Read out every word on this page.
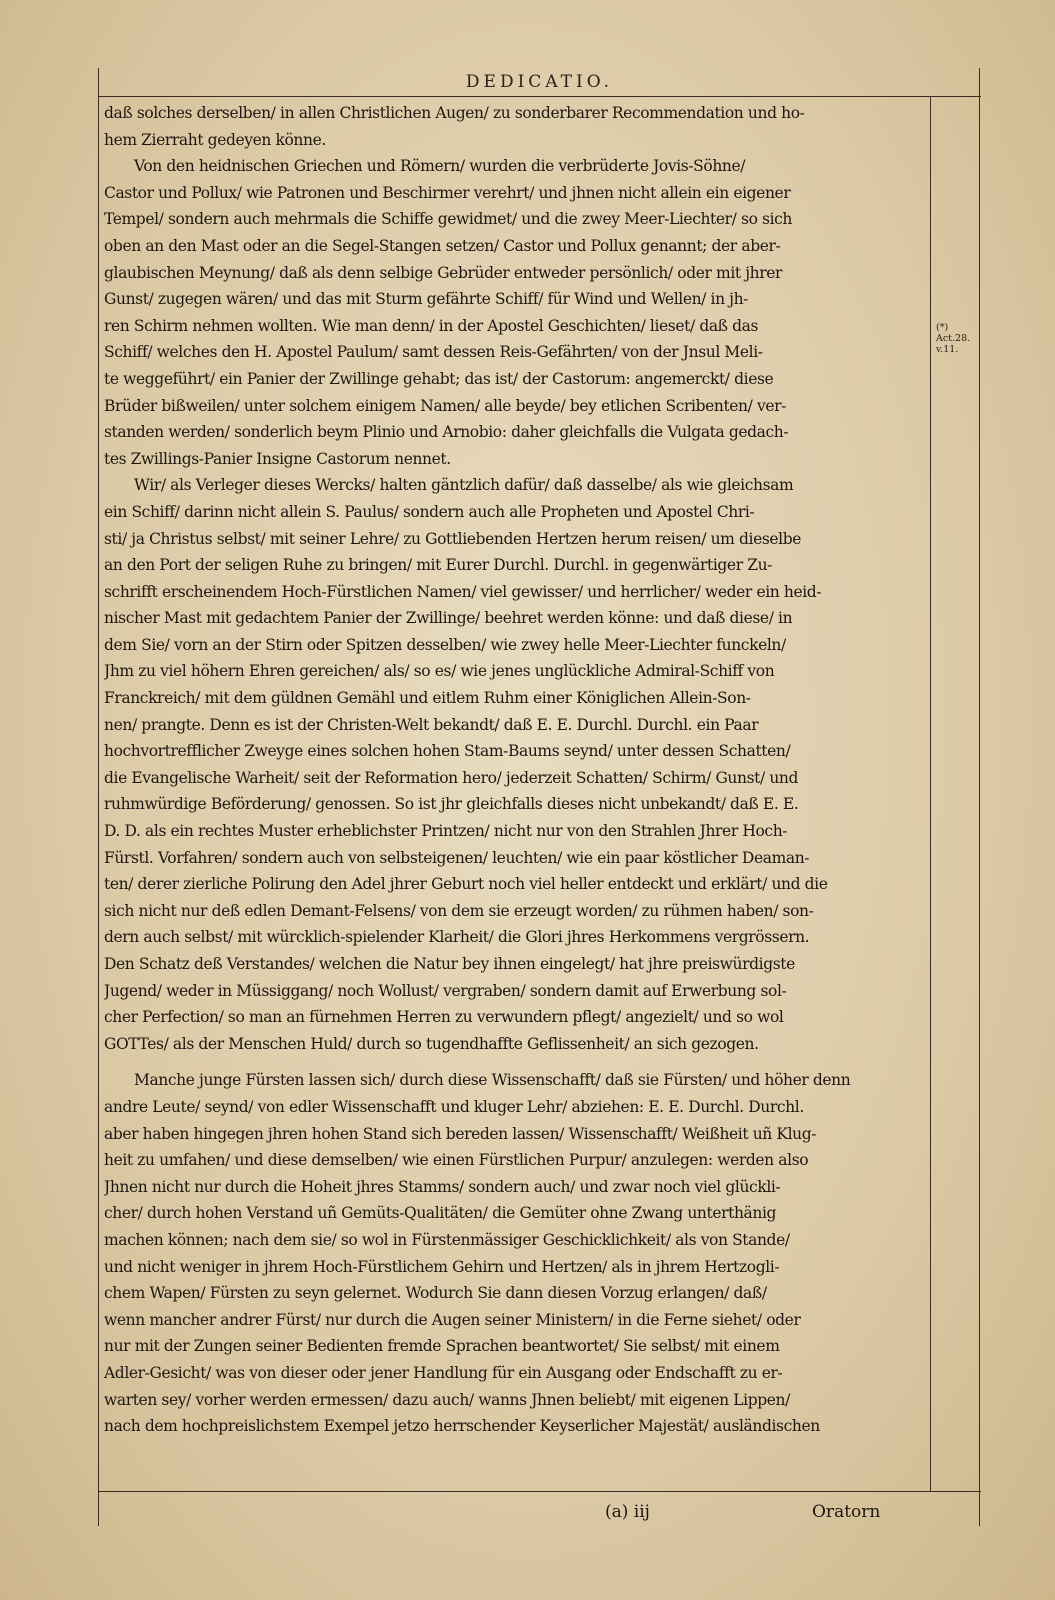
DEDICATIO.
daß solches derselben/ in allen Christlichen Augen/ zu sonderbarer Recommendation und ho-
hem Zierraht gedeyen könne.
Von den heidnischen Griechen und Römern/ wurden die verbrüderte Jovis-Söhne/
Castor und Pollux/ wie Patronen und Beschirmer verehrt/ und jhnen nicht allein ein eigener
Tempel/ sondern auch mehrmals die Schiffe gewidmet/ und die zwey Meer-Liechter/ so sich
oben an den Mast oder an die Segel-Stangen setzen/ Castor und Pollux genannt; der aber-
glaubischen Meynung/ daß als denn selbige Gebrüder entweder persönlich/ oder mit jhrer
Gunst/ zugegen wären/ und das mit Sturm gefährte Schiff/ für Wind und Wellen/ in jh-
ren Schirm nehmen wollten. Wie man denn/ in der Apostel Geschichten/ lieset/ daß das
Schiff/ welches den H. Apostel Paulum/ samt dessen Reis-Gefährten/ von der Jnsul Meli-
te weggeführt/ ein Panier der Zwillinge gehabt; das ist/ der Castorum: angemerckt/ diese
Brüder bißweilen/ unter solchem einigem Namen/ alle beyde/ bey etlichen Scribenten/ ver-
standen werden/ sonderlich beym Plinio und Arnobio: daher gleichfalls die Vulgata gedach-
tes Zwillings-Panier Insigne Castorum nennet.
Wir/ als Verleger dieses Wercks/ halten gäntzlich dafür/ daß dasselbe/ als wie gleichsam
ein Schiff/ darinn nicht allein S. Paulus/ sondern auch alle Propheten und Apostel Chri-
sti/ ja Christus selbst/ mit seiner Lehre/ zu Gottliebenden Hertzen herum reisen/ um dieselbe
an den Port der seligen Ruhe zu bringen/ mit Eurer Durchl. Durchl. in gegenwärtiger Zu-
schrifft erscheinendem Hoch-Fürstlichen Namen/ viel gewisser/ und herrlicher/ weder ein heid-
nischer Mast mit gedachtem Panier der Zwillinge/ beehret werden könne: und daß diese/ in
dem Sie/ vorn an der Stirn oder Spitzen desselben/ wie zwey helle Meer-Liechter funckeln/
Jhm zu viel höhern Ehren gereichen/ als/ so es/ wie jenes unglückliche Admiral-Schiff von
Franckreich/ mit dem güldnen Gemähl und eitlem Ruhm einer Königlichen Allein-Son-
nen/ prangte. Denn es ist der Christen-Welt bekandt/ daß E. E. Durchl. Durchl. ein Paar
hochvortrefflicher Zweyge eines solchen hohen Stam-Baums seynd/ unter dessen Schatten/
die Evangelische Warheit/ seit der Reformation hero/ jederzeit Schatten/ Schirm/ Gunst/ und
ruhmwürdige Beförderung/ genossen. So ist jhr gleichfalls dieses nicht unbekandt/ daß E. E.
D. D. als ein rechtes Muster erheblichster Printzen/ nicht nur von den Strahlen Jhrer Hoch-
Fürstl. Vorfahren/ sondern auch von selbsteigenen/ leuchten/ wie ein paar köstlicher Deaman-
ten/ derer zierliche Polirung den Adel jhrer Geburt noch viel heller entdeckt und erklärt/ und die
sich nicht nur deß edlen Demant-Felsens/ von dem sie erzeugt worden/ zu rühmen haben/ son-
dern auch selbst/ mit würcklich-spielender Klarheit/ die Glori jhres Herkommens vergrössern.
Den Schatz deß Verstandes/ welchen die Natur bey ihnen eingelegt/ hat jhre preiswürdigste
Jugend/ weder in Müssiggang/ noch Wollust/ vergraben/ sondern damit auf Erwerbung sol-
cher Perfection/ so man an fürnehmen Herren zu verwundern pflegt/ angezielt/ und so wol
GOTTes/ als der Menschen Huld/ durch so tugendhaffte Geflissenheit/ an sich gezogen.
Manche junge Fürsten lassen sich/ durch diese Wissenschafft/ daß sie Fürsten/ und höher denn
andre Leute/ seynd/ von edler Wissenschafft und kluger Lehr/ abziehen: E. E. Durchl. Durchl.
aber haben hingegen jhren hohen Stand sich bereden lassen/ Wissenschafft/ Weißheit uñ Klug-
heit zu umfahen/ und diese demselben/ wie einen Fürstlichen Purpur/ anzulegen: werden also
Jhnen nicht nur durch die Hoheit jhres Stamms/ sondern auch/ und zwar noch viel glückli-
cher/ durch hohen Verstand uñ Gemüts-Qualitäten/ die Gemüter ohne Zwang unterthänig
machen können; nach dem sie/ so wol in Fürstenmässiger Geschicklichkeit/ als von Stande/
und nicht weniger in jhrem Hoch-Fürstlichem Gehirn und Hertzen/ als in jhrem Hertzogli-
chem Wapen/ Fürsten zu seyn gelernet. Wodurch Sie dann diesen Vorzug erlangen/ daß/
wenn mancher andrer Fürst/ nur durch die Augen seiner Ministern/ in die Ferne siehet/ oder
nur mit der Zungen seiner Bedienten fremde Sprachen beantwortet/ Sie selbst/ mit einem
Adler-Gesicht/ was von dieser oder jener Handlung für ein Ausgang oder Endschafft zu er-
warten sey/ vorher werden ermessen/ dazu auch/ wanns Jhnen beliebt/ mit eigenen Lippen/
nach dem hochpreislichstem Exempel jetzo herrschender Keyserlicher Majestät/ ausländischen
(*) Act.28. v.11.
(a) iij	Oratorn
